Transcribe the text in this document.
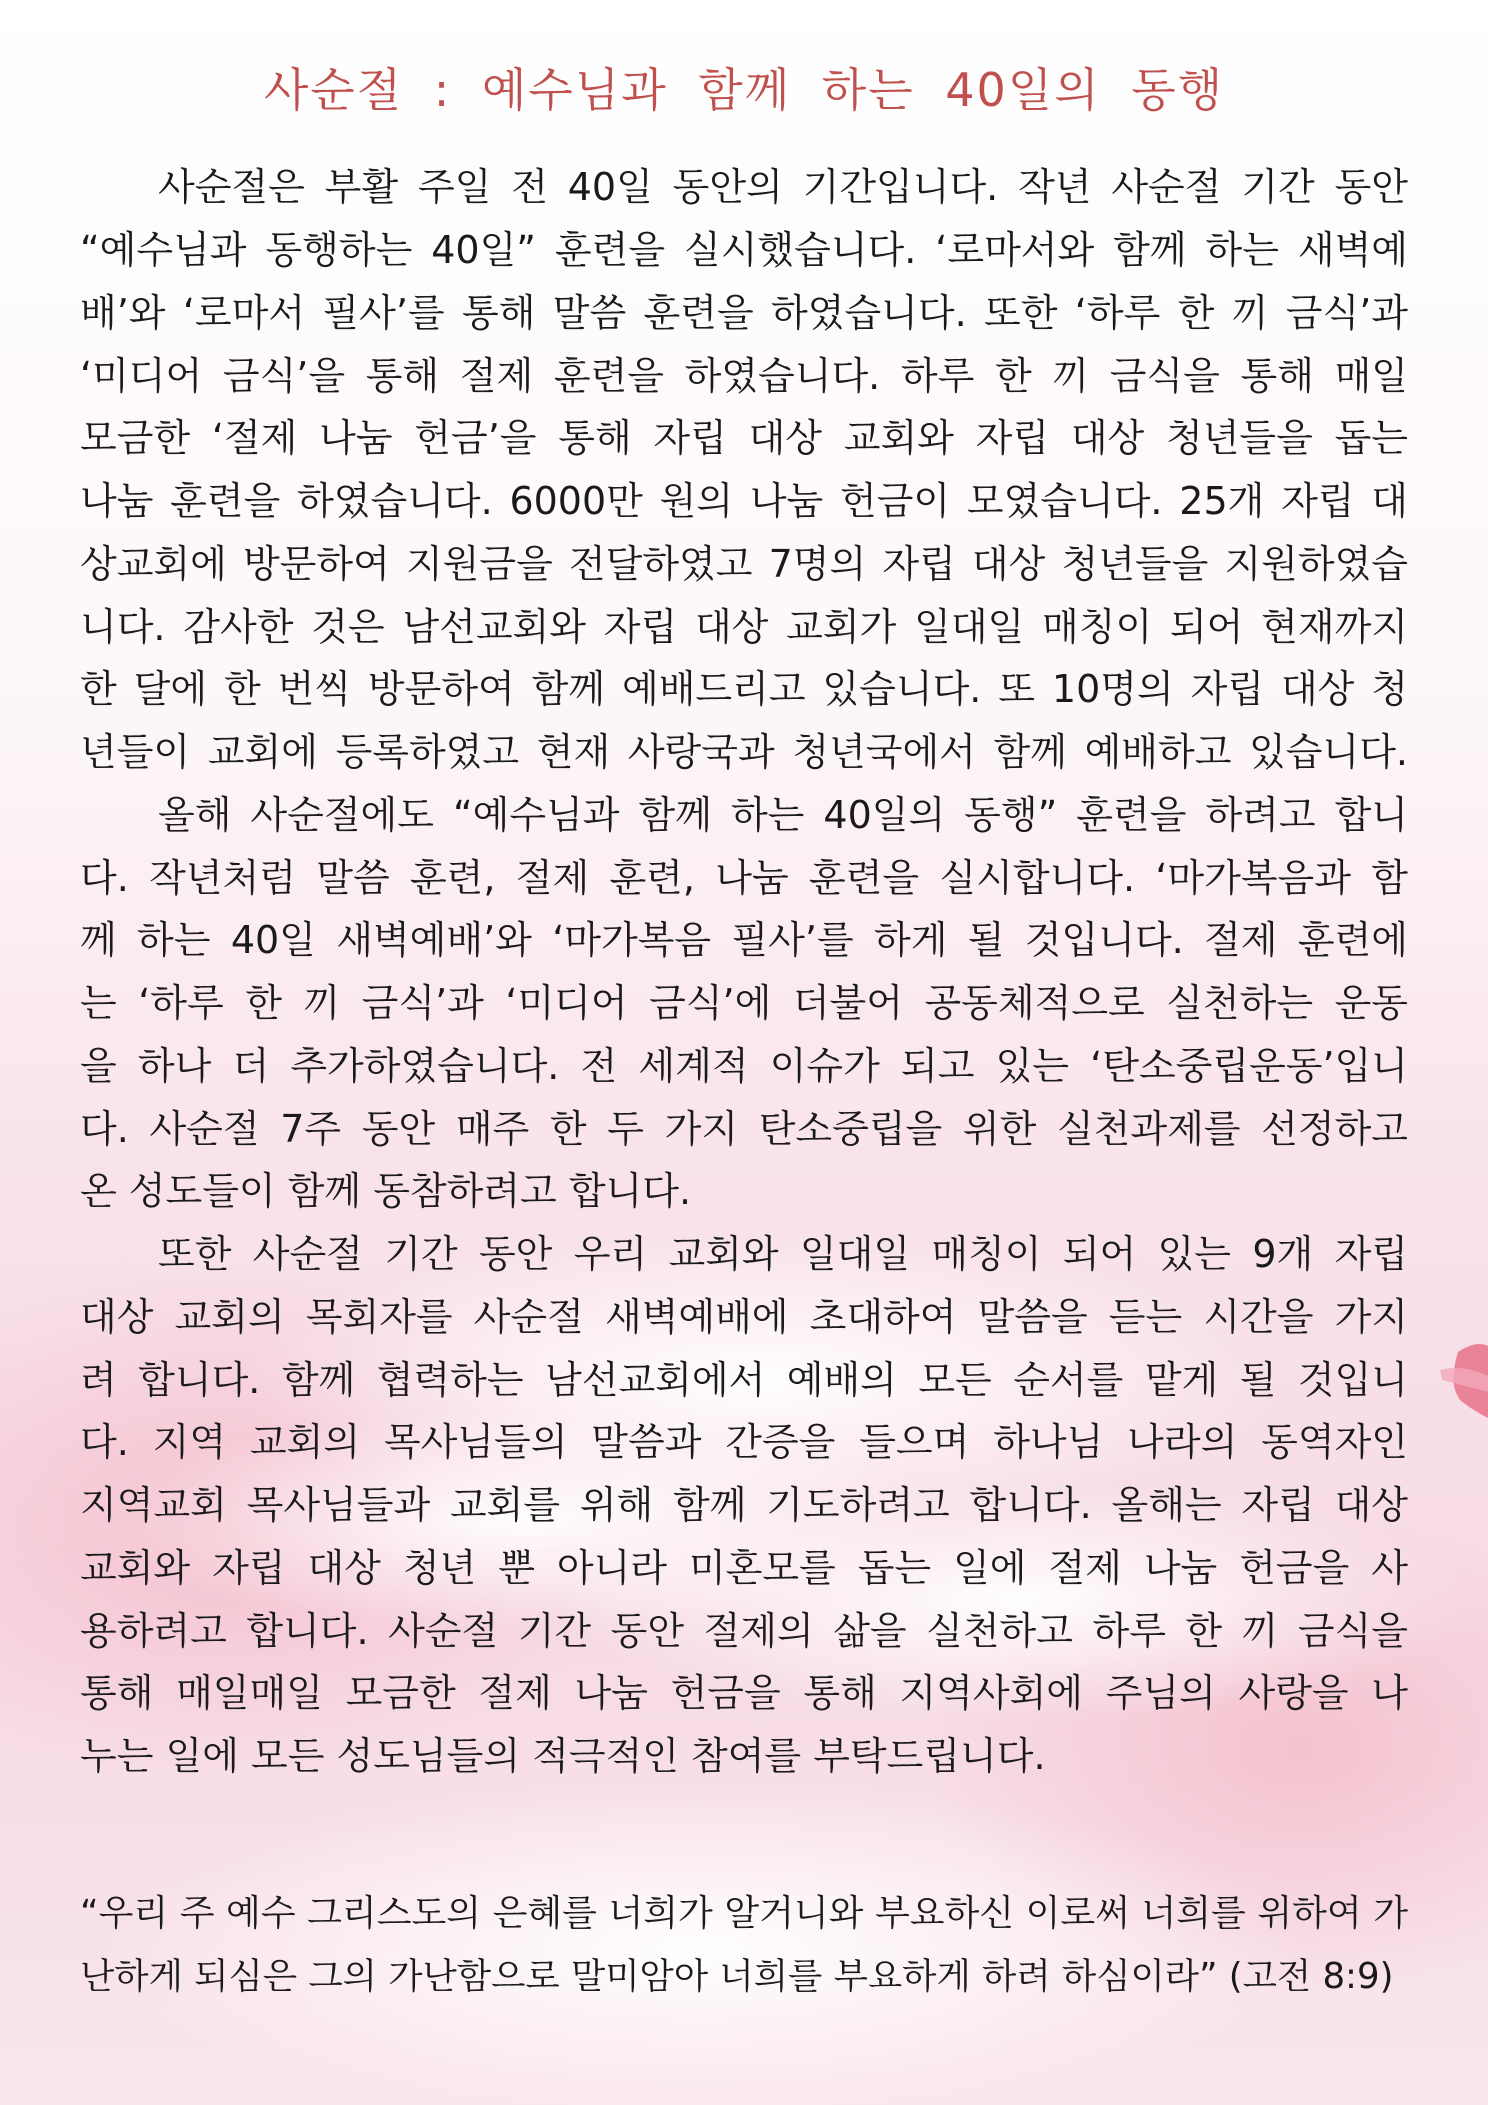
사순절 : 예수님과 함께 하는 40일의 동행
사순절은 부활 주일 전 40일 동안의 기간입니다. 작년 사순절 기간 동안
“예수님과 동행하는 40일” 훈련을 실시했습니다. ‘로마서와 함께 하는 새벽예
배’와 ‘로마서 필사’를 통해 말씀 훈련을 하였습니다. 또한 ‘하루 한 끼 금식’과
‘미디어 금식’을 통해 절제 훈련을 하였습니다. 하루 한 끼 금식을 통해 매일
모금한 ‘절제 나눔 헌금’을 통해 자립 대상 교회와 자립 대상 청년들을 돕는
나눔 훈련을 하였습니다. 6000만 원의 나눔 헌금이 모였습니다. 25개 자립 대
상교회에 방문하여 지원금을 전달하였고 7명의 자립 대상 청년들을 지원하였습
니다. 감사한 것은 남선교회와 자립 대상 교회가 일대일 매칭이 되어 현재까지
한 달에 한 번씩 방문하여 함께 예배드리고 있습니다. 또 10명의 자립 대상 청
년들이 교회에 등록하였고 현재 사랑국과 청년국에서 함께 예배하고 있습니다.
올해 사순절에도 “예수님과 함께 하는 40일의 동행” 훈련을 하려고 합니
다. 작년처럼 말씀 훈련, 절제 훈련, 나눔 훈련을 실시합니다. ‘마가복음과 함
께 하는 40일 새벽예배’와 ‘마가복음 필사’를 하게 될 것입니다. 절제 훈련에
는 ‘하루 한 끼 금식’과 ‘미디어 금식’에 더불어 공동체적으로 실천하는 운동
을 하나 더 추가하였습니다. 전 세계적 이슈가 되고 있는 ‘탄소중립운동’입니
다. 사순절 7주 동안 매주 한 두 가지 탄소중립을 위한 실천과제를 선정하고
온 성도들이 함께 동참하려고 합니다.
또한 사순절 기간 동안 우리 교회와 일대일 매칭이 되어 있는 9개 자립
대상 교회의 목회자를 사순절 새벽예배에 초대하여 말씀을 듣는 시간을 가지
려 합니다. 함께 협력하는 남선교회에서 예배의 모든 순서를 맡게 될 것입니
다. 지역 교회의 목사님들의 말씀과 간증을 들으며 하나님 나라의 동역자인
지역교회 목사님들과 교회를 위해 함께 기도하려고 합니다. 올해는 자립 대상
교회와 자립 대상 청년 뿐 아니라 미혼모를 돕는 일에 절제 나눔 헌금을 사
용하려고 합니다. 사순절 기간 동안 절제의 삶을 실천하고 하루 한 끼 금식을
통해 매일매일 모금한 절제 나눔 헌금을 통해 지역사회에 주님의 사랑을 나
누는 일에 모든 성도님들의 적극적인 참여를 부탁드립니다.
“우리 주 예수 그리스도의 은혜를 너희가 알거니와 부요하신 이로써 너희를 위하여 가
난하게 되심은 그의 가난함으로 말미암아 너희를 부요하게 하려 하심이라” (고전 8:9)
